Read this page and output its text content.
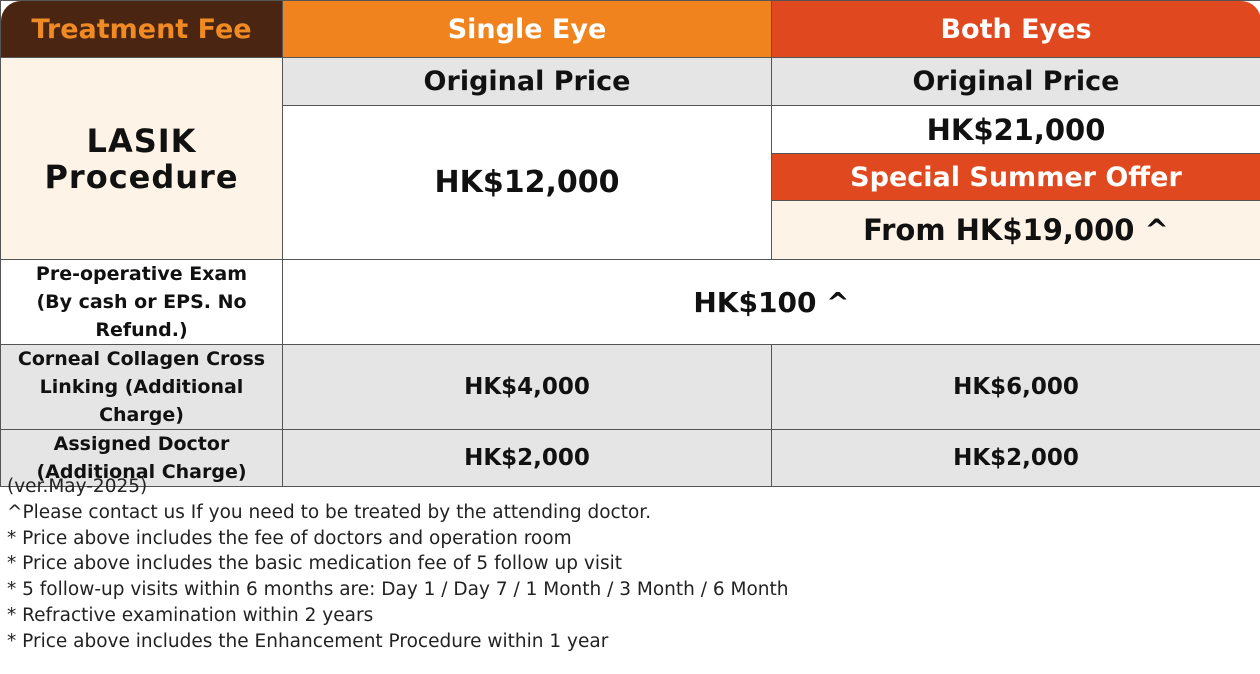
Treatment Fee	Single Eye	Both Eyes

LASIK
Procedure	Original Price	Original Price
	HK$12,000	HK$21,000
		Special Summer Offer
		From HK$19,000 ^

Pre-operative Exam
(By cash or EPS. No Refund.)	HK$100 ^	

Corneal Collagen Cross
Linking (Additional Charge)	HK$4,000	HK$6,000

Assigned Doctor
(Additional Charge)	HK$2,000	HK$2,000
(ver.May-2025)
^Please contact us If you need to be treated by the attending doctor.
* Price above includes the fee of doctors and operation room
* Price above includes the basic medication fee of 5 follow up visit
* 5 follow-up visits within 6 months are: Day 1 / Day 7 / 1 Month / 3 Month / 6 Month
* Refractive examination within 2 years
* Price above includes the Enhancement Procedure within 1 year
